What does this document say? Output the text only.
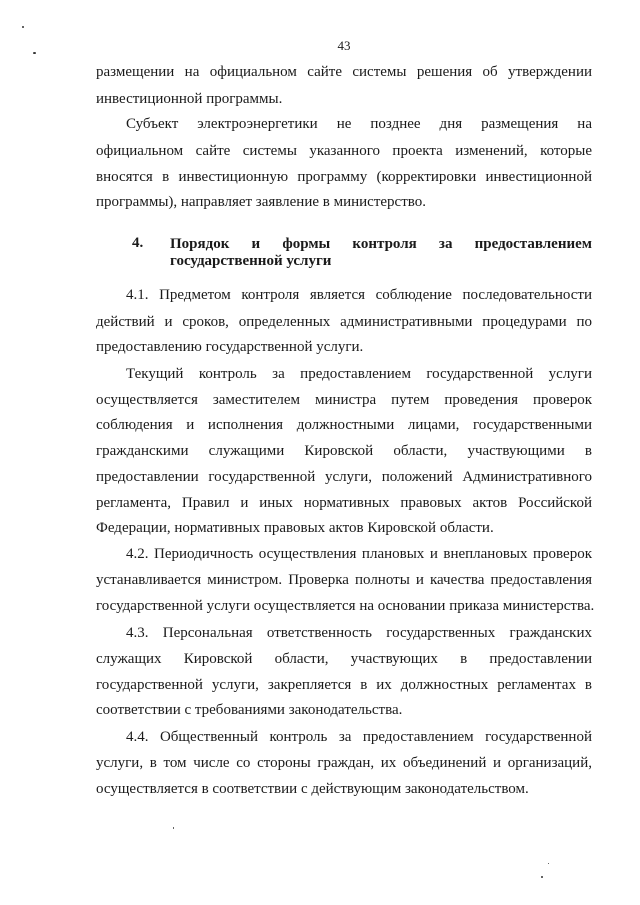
43
размещении на официальном сайте системы решения об утверждении
инвестиционной программы.
Субъект электроэнергетики не позднее дня размещения на
официальном сайте системы указанного проекта изменений, которые
вносятся в инвестиционную программу (корректировки инвестиционной
программы), направляет заявление в министерство.
4. Порядок и формы контроля за предоставлением
государственной услуги
4.1. Предметом контроля является соблюдение последовательности
действий и сроков, определенных административными процедурами по
предоставлению государственной услуги.
Текущий контроль за предоставлением государственной услуги
осуществляется заместителем министра путем проведения проверок
соблюдения и исполнения должностными лицами, государственными
гражданскими служащими Кировской области, участвующими в
предоставлении государственной услуги, положений Административного
регламента, Правил и иных нормативных правовых актов Российской
Федерации, нормативных правовых актов Кировской области.
4.2. Периодичность осуществления плановых и внеплановых проверок
устанавливается министром. Проверка полноты и качества предоставления
государственной услуги осуществляется на основании приказа министерства.
4.3. Персональная ответственность государственных гражданских
служащих Кировской области, участвующих в предоставлении
государственной услуги, закрепляется в их должностных регламентах в
соответствии с требованиями законодательства.
4.4. Общественный контроль за предоставлением государственной
услуги, в том числе со стороны граждан, их объединений и организаций,
осуществляется в соответствии с действующим законодательством.
